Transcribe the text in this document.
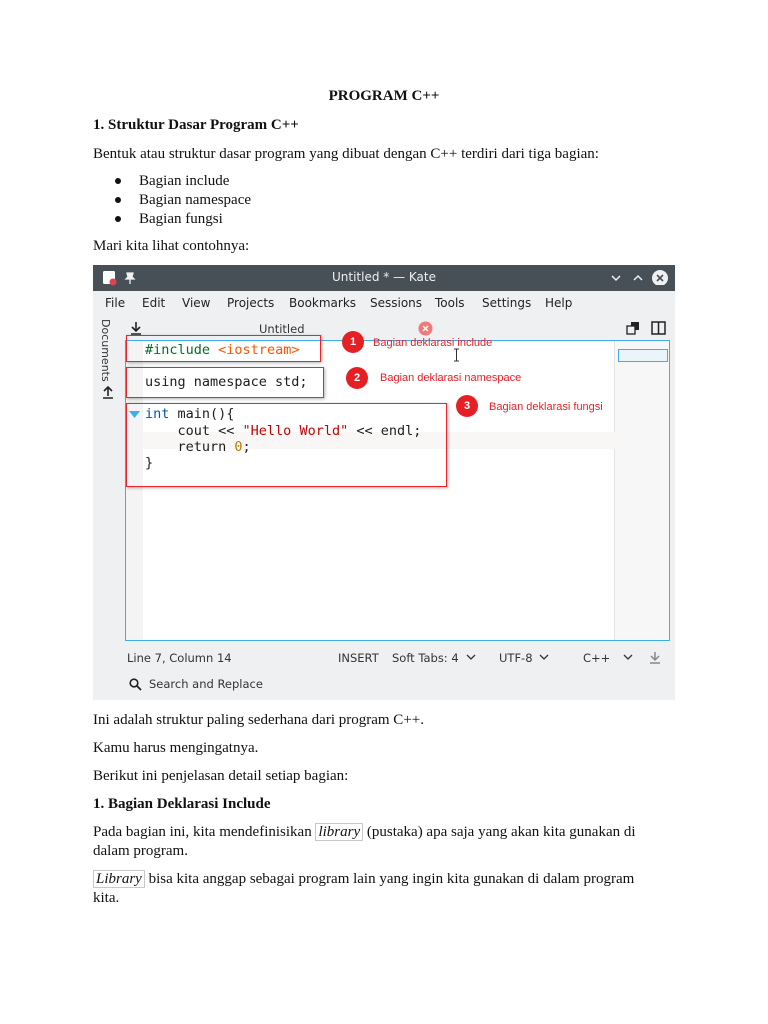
PROGRAM C++
1. Struktur Dasar Program C++
Bentuk atau struktur dasar program yang dibuat dengan C++ terdiri dari tiga bagian:
Bagian include
Bagian namespace
Bagian fungsi
Mari kita lihat contohnya:
Untitled * — Kate
File Edit View Projects Bookmarks Sessions Tools Settings Help
Documents	Untitled
#include <iostream>
using namespace std;
int main(){
cout << "Hello World" << endl;
return 0;
}
1	Bagian deklarasi include
2	Bagian deklarasi namespace
3	Bagian deklarasi fungsi
Line 7, Column 14	INSERT Soft Tabs: 4	UTF-8	C++
Search and Replace
Ini adalah struktur paling sederhana dari program C++.
Kamu harus mengingatnya.
Berikut ini penjelasan detail setiap bagian:
1. Bagian Deklarasi Include
Pada bagian ini, kita mendefinisikan library (pustaka) apa saja yang akan kita gunakan di dalam program.
Library bisa kita anggap sebagai program lain yang ingin kita gunakan di dalam program kita.
